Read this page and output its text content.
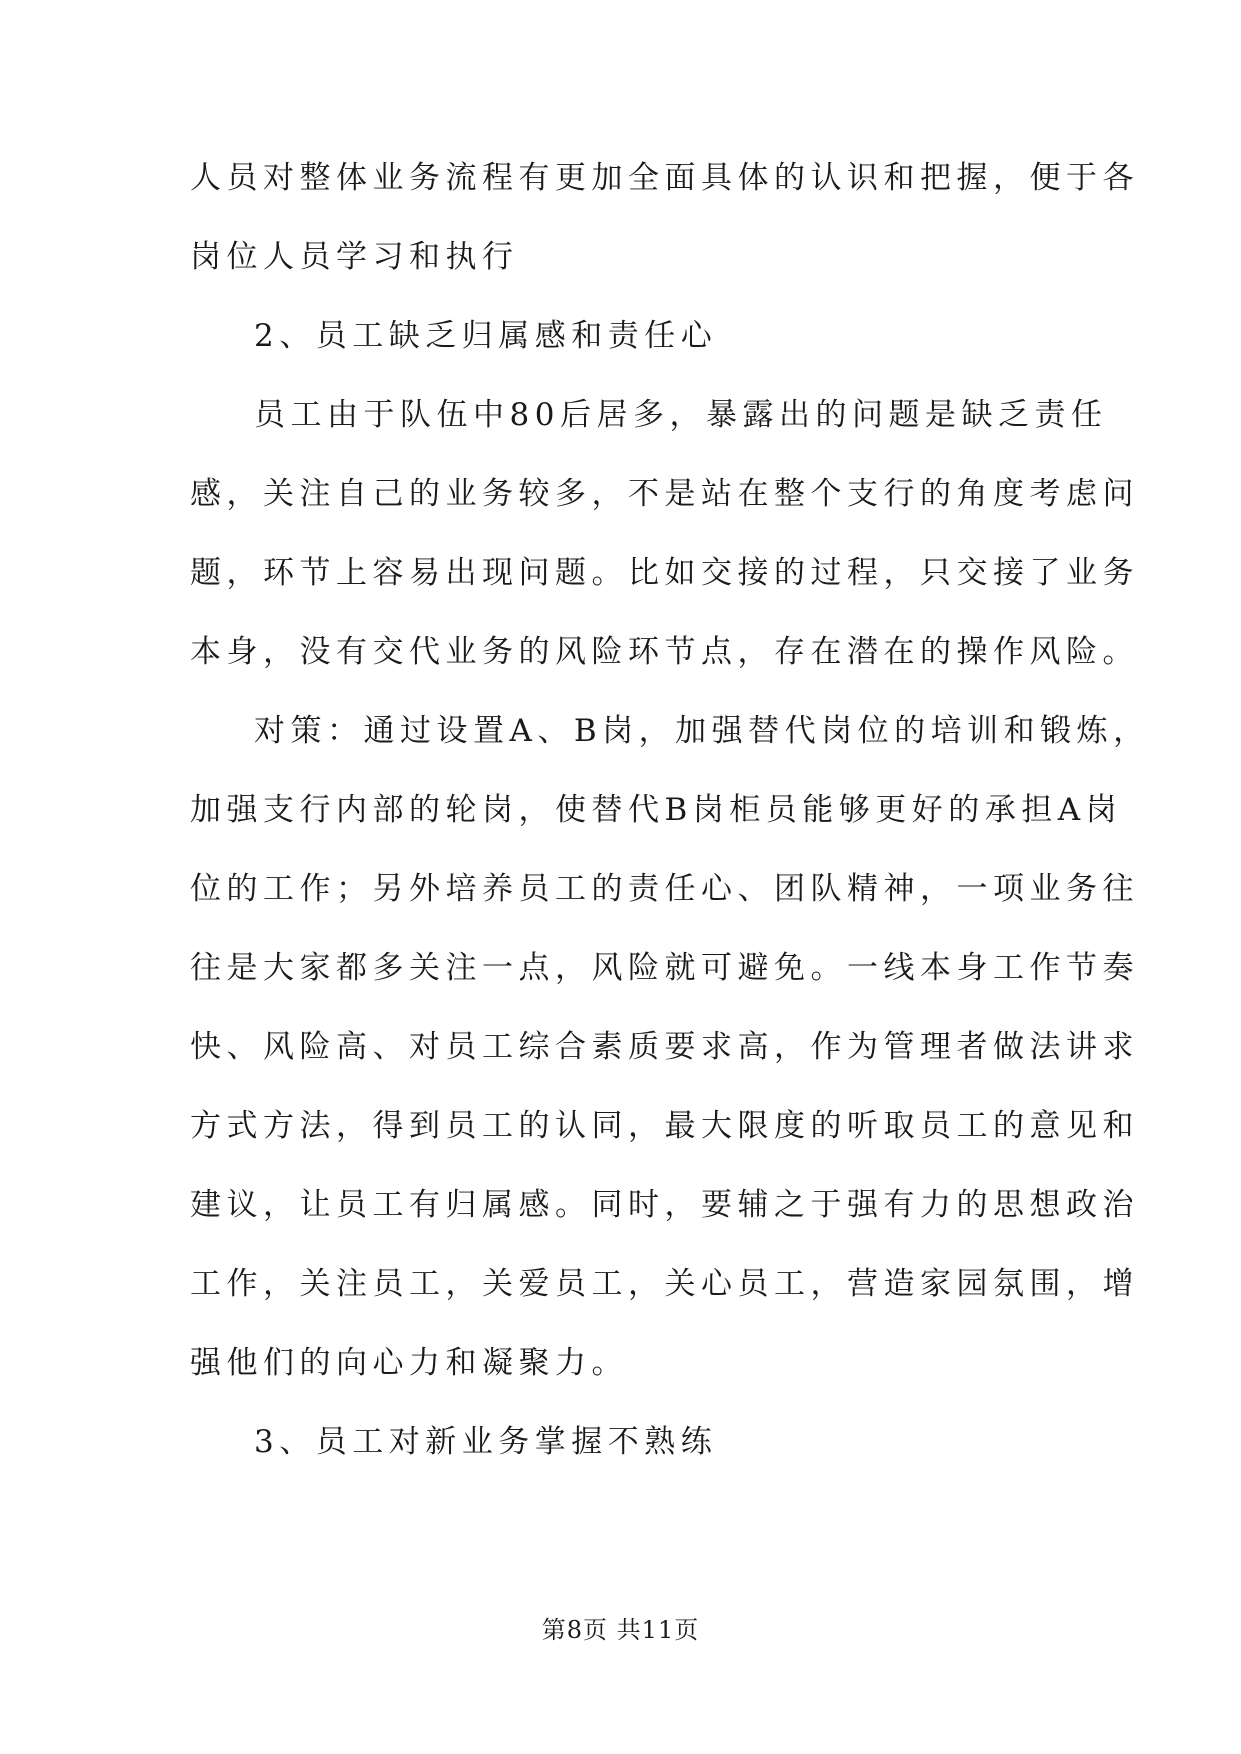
人员对整体业务流程有更加全面具体的认识和把握，便于各
岗位人员学习和执行
2、员工缺乏归属感和责任心
员工由于队伍中80后居多，暴露出的问题是缺乏责任
感，关注自己的业务较多，不是站在整个支行的角度考虑问
题，环节上容易出现问题。比如交接的过程，只交接了业务
本身，没有交代业务的风险环节点，存在潜在的操作风险。
对策：通过设置A、B岗，加强替代岗位的培训和锻炼，
加强支行内部的轮岗，使替代B岗柜员能够更好的承担A岗
位的工作；另外培养员工的责任心、团队精神，一项业务往
往是大家都多关注一点，风险就可避免。一线本身工作节奏
快、风险高、对员工综合素质要求高，作为管理者做法讲求
方式方法，得到员工的认同，最大限度的听取员工的意见和
建议，让员工有归属感。同时，要辅之于强有力的思想政治
工作，关注员工，关爱员工，关心员工，营造家园氛围，增
强他们的向心力和凝聚力。
3、员工对新业务掌握不熟练
第8页 共11页
